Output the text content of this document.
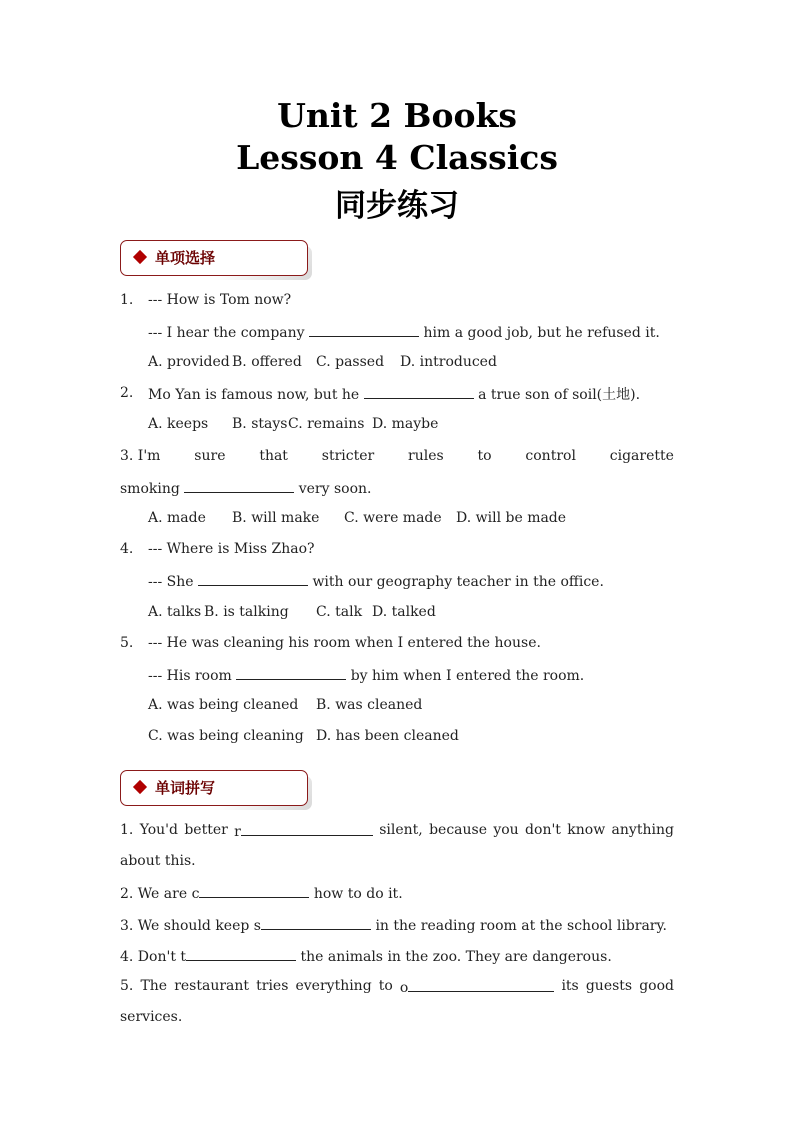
Unit 2 Books
Lesson 4 Classics
同步练习
单项选择
1. --- How is Tom now?
--- I hear the company	him a good job, but he refused it.
A. provided B. offered C. passed D. introduced
2. Mo Yan is famous now, but he	a true son of soil(土地).
A. keeps B. stays C. remains D. maybe
3. I'm sure that stricter rules to control cigarette
smoking	very soon.
A. made B. will make C. were made D. will be made
4. --- Where is Miss Zhao?
--- She	with our geography teacher in the office.
A. talks B. is talking C. talk D. talked
5. --- He was cleaning his room when I entered the house.
--- His room	by him when I entered the room.
A. was being cleaned B. was cleaned
C. was being cleaning D. has been cleaned
单词拼写
1. You'd better r	silent, because you don't know anything
about this.
2. We are c	how to do it.
3. We should keep s	in the reading room at the school library.
4. Don't t	the animals in the zoo. They are dangerous.
5. The restaurant tries everything to o	its guests good
services.
